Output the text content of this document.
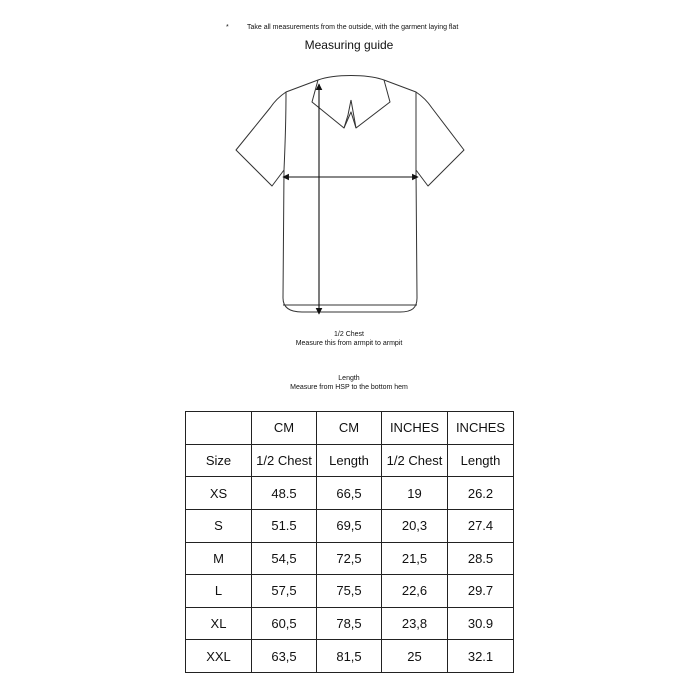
*	Take all measurements from the outside, with the garment laying flat
Measuring guide
1/2 Chest
Measure this from armpit to armpit
Length
Measure from HSP to the bottom hem
	CM	CM	INCHES	INCHES
Size	1/2 Chest	Length	1/2 Chest	Length
XS	48.5	66,5	19	26.2
S	51.5	69,5	20,3	27.4
M	54,5	72,5	21,5	28.5
L	57,5	75,5	22,6	29.7
XL	60,5	78,5	23,8	30.9
XXL	63,5	81,5	25	32.1
